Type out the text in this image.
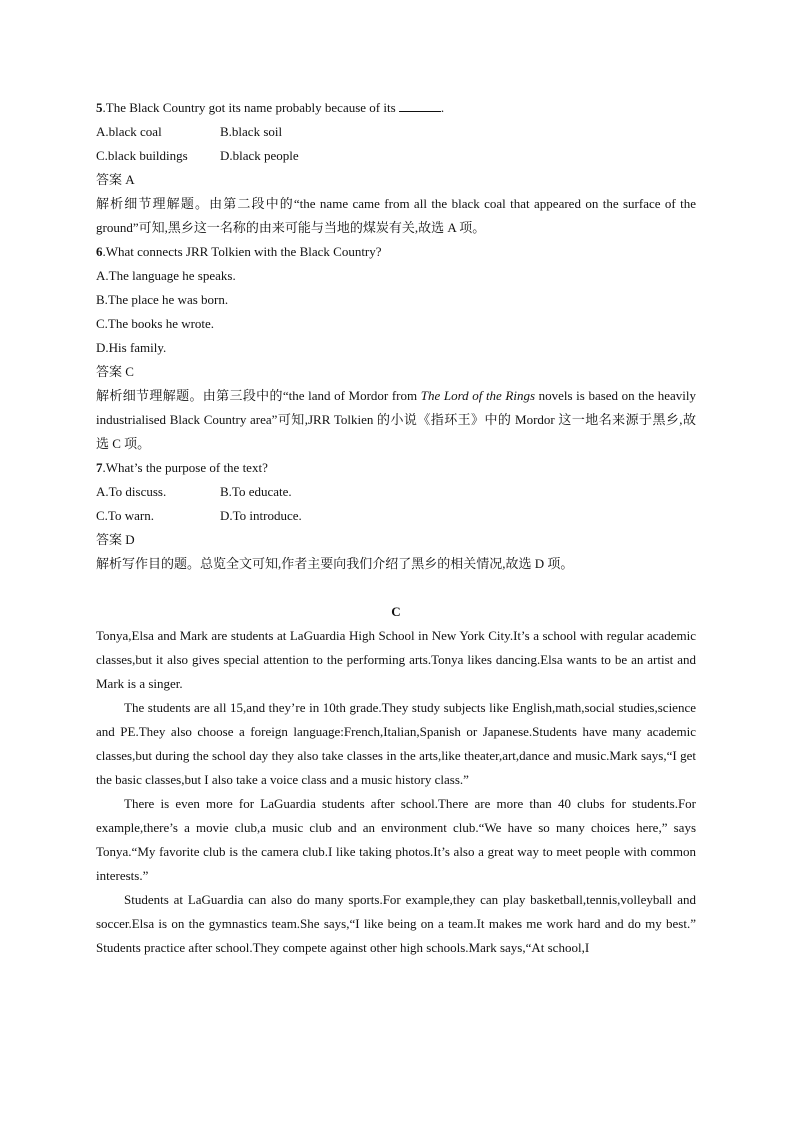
5.The Black Country got its name probably because of its	.

A.black coal	B.black soil
C.black buildings	D.black people

答案 A

解析细节理解题。由第二段中的“the name came from all the black coal that appeared on the surface of the ground”可知,黑乡这一名称的由来可能与当地的煤炭有关,故选 A 项。

6.What connects JRR Tolkien with the Black Country?

A.The language he speaks.

B.The place he was born.

C.The books he wrote.

D.His family.

答案 C

解析细节理解题。由第三段中的“the land of Mordor from The Lord of the Rings novels is based on the heavily industrialised Black Country area”可知,JRR Tolkien 的小说《指环王》中的 Mordor 这一地名来源于黑乡,故选 C 项。

7.What’s the purpose of the text?

A.To discuss.	B.To educate.
C.To warn.	D.To introduce.

答案 D

解析写作目的题。总览全文可知,作者主要向我们介绍了黑乡的相关情况,故选 D 项。

C

Tonya,Elsa and Mark are students at LaGuardia High School in New York City.It’s a school with regular academic classes,but it also gives special attention to the performing arts.Tonya likes dancing.Elsa wants to be an artist and Mark is a singer.

The students are all 15,and they’re in 10th grade.They study subjects like English,math,social studies,science and PE.They also choose a foreign language:French,Italian,Spanish or Japanese.Students have many academic classes,but during the school day they also take classes in the arts,like theater,art,dance and music.Mark says,“I get the basic classes,but I also take a voice class and a music history class.”

There is even more for LaGuardia students after school.There are more than 40 clubs for students.For example,there’s a movie club,a music club and an environment club.“We have so many choices here,” says Tonya.“My favorite club is the camera club.I like taking photos.It’s also a great way to meet people with common interests.”

Students at LaGuardia can also do many sports.For example,they can play basketball,tennis,volleyball and soccer.Elsa is on the gymnastics team.She says,“I like being on a team.It makes me work hard and do my best.” Students practice after school.They compete against other high schools.Mark says,“At school,I
